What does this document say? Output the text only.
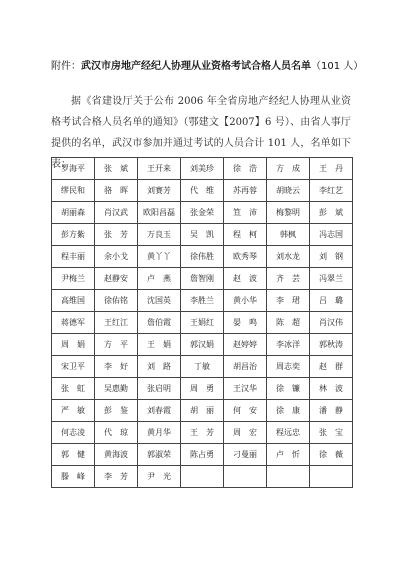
附件：武汉市房地产经纪人协理从业资格考试合格人员名单（101 人）

据《省建设厅关于公布 2006 年全省房地产经纪人协理从业资格考试合格人员名单的通知》（鄂建文【2007】6 号）、由省人事厅提供的名单，武汉市参加并通过考试的人员合计 101 人，名单如下表：

罗海平	张　斌	王开来	刘美珍	徐　浩	方　成	王　丹
缪民和	骆　晖	刘赛芳	代　维	苏再蓉	胡晓云	李红艺
胡丽森	肖汉武	欧阳昌磊	张金荣	笪　沛	梅黎明	彭　斌
彭方紫	张　芳	万良玉	吴　凯	程　柯	韩枫	冯志国
程丰丽	余小戈	黄丫丫	徐伟胜	欧秀琴	刘水龙	刘　钢
尹梅兰	赵静安	卢　燕	詹智刚	赵　波	齐　芸	冯翠兰
高维国	徐佑铭	沈国英	李胜兰	黄小华	李　珺	吕　璐
蒋德军	王红江	詹伯霞	王娟红	晏　鸣	陈　超	肖汉伟
周　娟	方　平	王　娟	郭汉娟	赵婷婷	李冰洋	郭秋涛
宋卫平	李　好	刘　路	丁敏	胡昌治	周志奕	赵　群
张　虹	吴惠勤	张启明	周　勇	王汉华	徐　镰	林　波
严　敏	彭　鉴	刘春霞	胡　丽	何　安	徐　康	潘　静
何志凌	代　琼	黄月华	王　芳	周　宏	程远忠	张　宝
郭　健	黄海波	郭淑荣	陈占勇	刁曼丽	卢　忻	徐　薇
滕　峰	李　芳	尹　光				
